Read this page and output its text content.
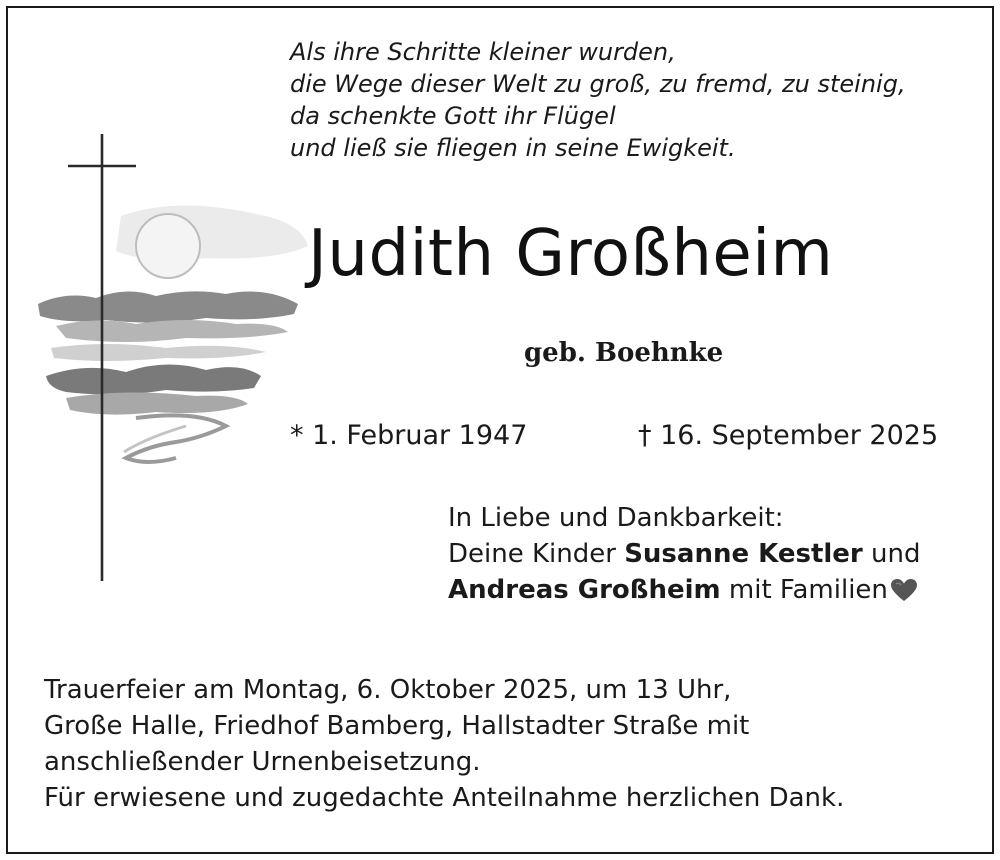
Als ihre Schritte kleiner wurden,
die Wege dieser Welt zu groß, zu fremd, zu steinig,
da schenkte Gott ihr Flügel
und ließ sie fliegen in seine Ewigkeit.
Judith Großheim
geb. Boehnke
* 1. Februar 1947	† 16. September 2025
In Liebe und Dankbarkeit:
Deine Kinder Susanne Kestler und
Andreas Großheim mit Familien
Trauerfeier am Montag, 6. Oktober 2025, um 13 Uhr,
Große Halle, Friedhof Bamberg, Hallstadter Straße mit
anschließender Urnenbeisetzung.
Für erwiesene und zugedachte Anteilnahme herzlichen Dank.
